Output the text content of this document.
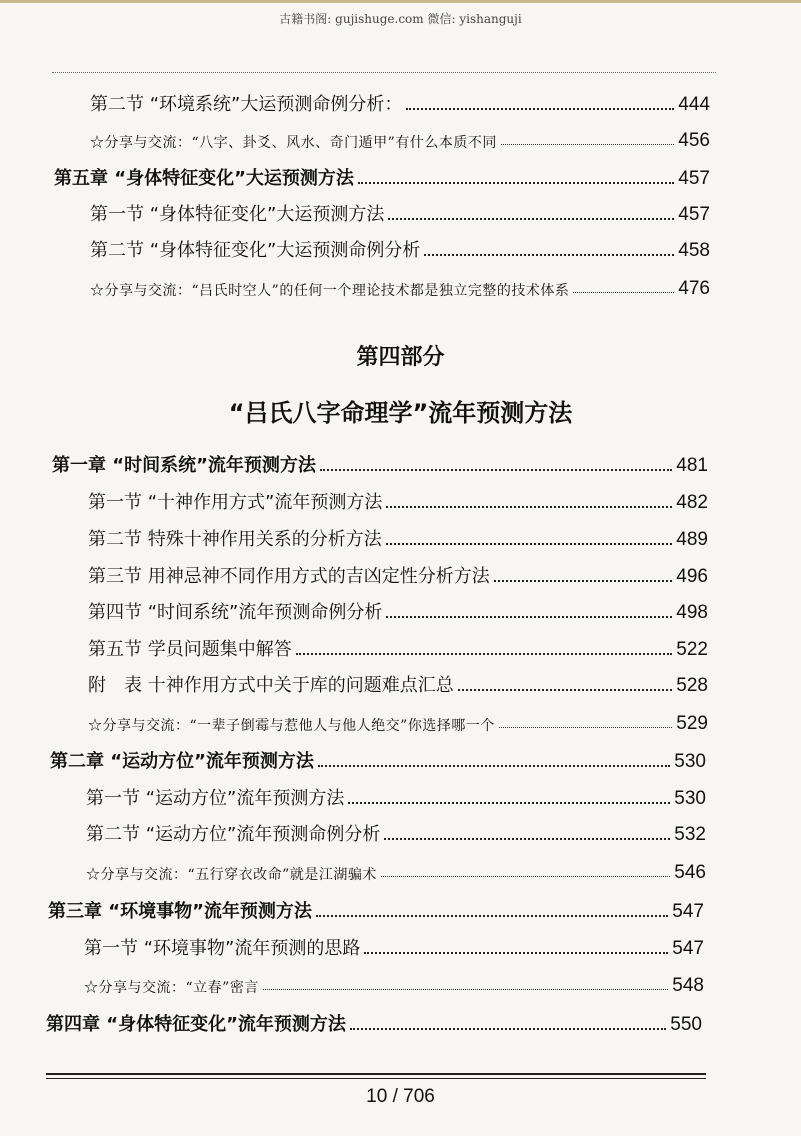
古籍书阁: gujishuge.com 微信: yishanguji
第二节 “环境系统”大运预测命例分析：	444
☆分享与交流：“八字、卦爻、风水、奇门遁甲”有什么本质不同	456
第五章 “身体特征变化”大运预测方法	457
第一节 “身体特征变化”大运预测方法	457
第二节 “身体特征变化”大运预测命例分析	458
☆分享与交流：“吕氏时空人”的任何一个理论技术都是独立完整的技术体系	476
第四部分
“吕氏八字命理学”流年预测方法
第一章 “时间系统”流年预测方法	481
第一节 “十神作用方式”流年预测方法	482
第二节 特殊十神作用关系的分析方法	489
第三节 用神忌神不同作用方式的吉凶定性分析方法	496
第四节 “时间系统”流年预测命例分析	498
第五节 学员问题集中解答	522
附　表 十神作用方式中关于库的问题难点汇总	528
☆分享与交流：“一辈子倒霉与惹他人与他人绝交”你选择哪一个	529
第二章 “运动方位”流年预测方法	530
第一节 “运动方位”流年预测方法	530
第二节 “运动方位”流年预测命例分析	532
☆分享与交流：“五行穿衣改命”就是江湖骗术	546
第三章 “环境事物”流年预测方法	547
第一节 “环境事物”流年预测的思路	547
☆分享与交流：“立春”密言	548
第四章 “身体特征变化”流年预测方法	550
10 / 706
